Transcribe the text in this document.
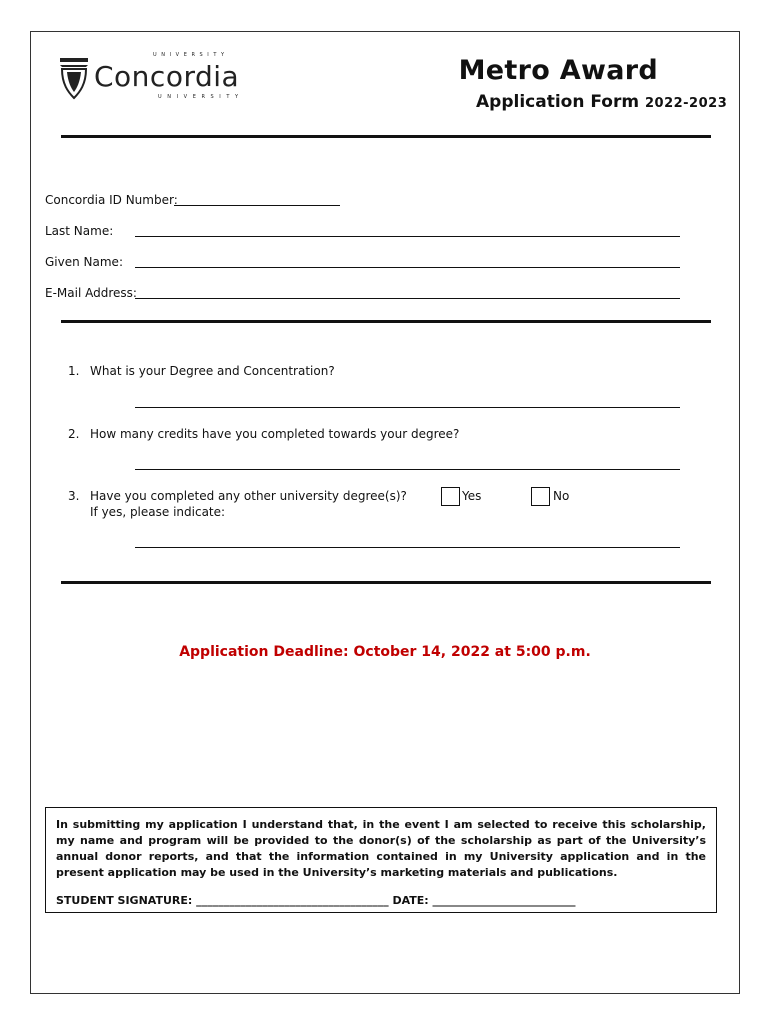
UNIVERSITY
Concordia
UNIVERSITY
Metro Award
Application Form 2022-2023
Concordia ID Number:
Last Name:
Given Name:
E-Mail Address:
1. What is your Degree and Concentration?
2. How many credits have you completed towards your degree?
3. Have you completed any other university degree(s)?
If yes, please indicate:
Yes	No
Application Deadline: October 14, 2022 at 5:00 p.m.
In submitting my application I understand that, in the event I am selected to receive this scholarship, my name and program will be provided to the donor(s) of the scholarship as part of the University’s annual donor reports, and that the information contained in my University application and in the present application may be used in the University’s marketing materials and publications.
STUDENT SIGNATURE: ___________________________________ DATE: __________________________
